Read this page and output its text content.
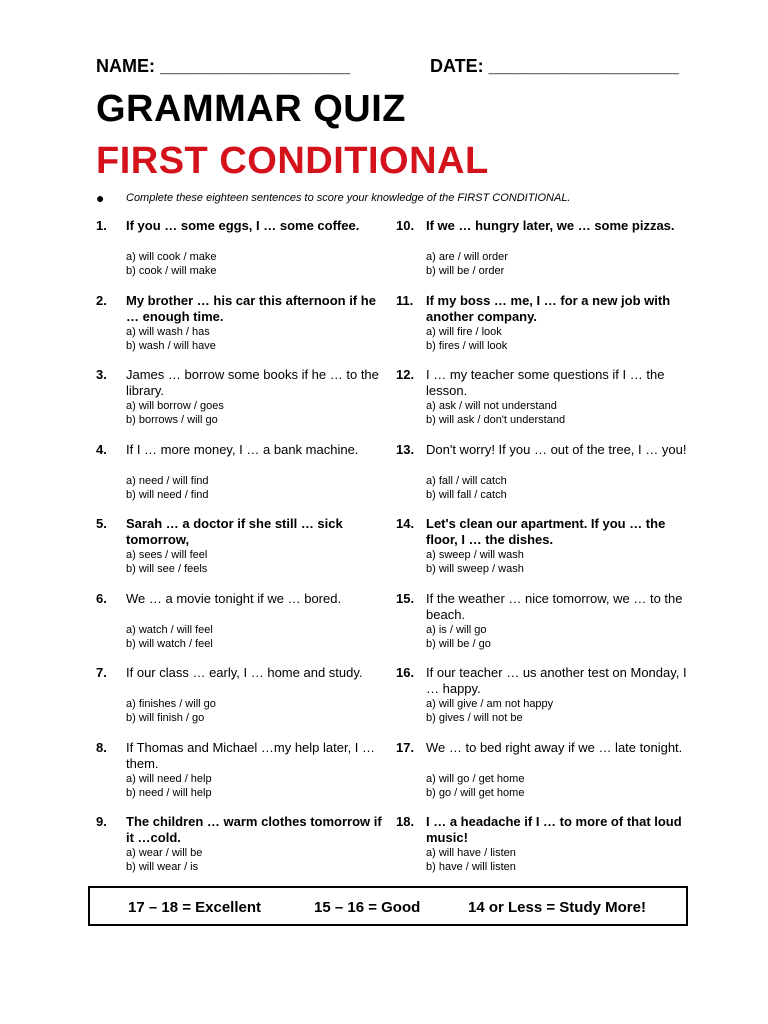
NAME: ___________________	DATE: ___________________
GRAMMAR QUIZ
FIRST CONDITIONAL
● Complete these eighteen sentences to score your knowledge of the FIRST CONDITIONAL.
1. If you … some eggs, I … some coffee.
a) will cook / make
b) cook / will make
2. My brother … his car this afternoon if he … enough time.
a) will wash / has
b) wash / will have
3. James … borrow some books if he … to the library.
a) will borrow / goes
b) borrows / will go
4. If I … more money, I … a bank machine.
a) need / will find
b) will need / find
5. Sarah … a doctor if she still … sick tomorrow,
a) sees / will feel
b) will see / feels
6. We … a movie tonight if we … bored.
a) watch / will feel
b) will watch / feel
7. If our class … early, I … home and study.
a) finishes / will go
b) will finish / go
8. If Thomas and Michael …my help later, I … them.
a) will need / help
b) need / will help
9. The children … warm clothes tomorrow if it …cold.
a) wear / will be
b) will wear / is
10. If we … hungry later, we … some pizzas.
a) are / will order
b) will be / order
11. If my boss … me, I … for a new job with another company.
a) will fire / look
b) fires / will look
12. I … my teacher some questions if I … the lesson.
a) ask / will not understand
b) will ask / don't understand
13. Don't worry! If you … out of the tree, I … you!
a) fall / will catch
b) will fall / catch
14. Let's clean our apartment. If you … the floor, I … the dishes.
a) sweep / will wash
b) will sweep / wash
15. If the weather … nice tomorrow, we … to the beach.
a) is / will go
b) will be / go
16. If our teacher … us another test on Monday, I … happy.
a) will give / am not happy
b) gives / will not be
17. We … to bed right away if we … late tonight.
a) will go / get home
b) go / will get home
18. I … a headache if I … to more of that loud music!
a) will have / listen
b) have / will listen
17 – 18 = Excellent	15 – 16 = Good	14 or Less = Study More!
